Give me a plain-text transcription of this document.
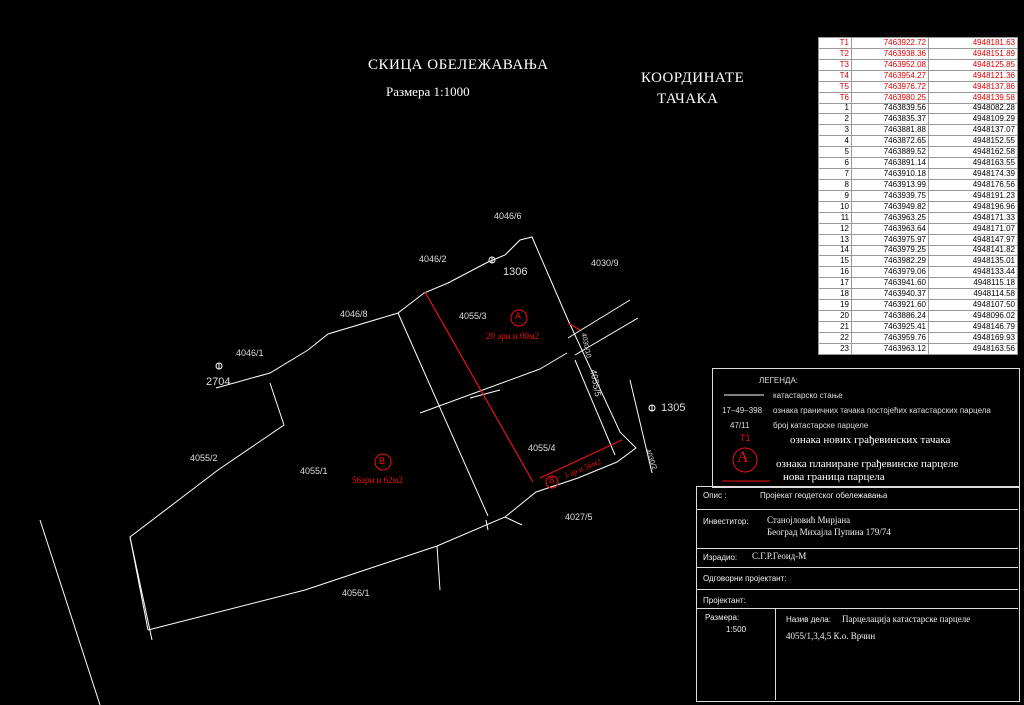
СКИЦА ОБЕЛЕЖАВАЊА
Размера 1:1000
КООРДИНАТЕ
ТАЧАКА
T1	7463922.72	4948181.63
T2	7463938.36	4948151.89
T3	7463952.08	4948125.85
T4	7463954.27	4948121.36
T5	7463976.72	4948137.86
T6	7463980.25	4948139.58
1	7463839.56	4948082.28
2	7463835.37	4948109.29
3	7463881.88	4948137.07
4	7463872.65	4948152.55
5	7463889.52	4948162.58
6	7463891.14	4948163.55
7	7463910.18	4948174.39
8	7463913.99	4948176.56
9	7463939.75	4948191.23
10	7463949.82	4948196.96
11	7463963.25	4948171.33
12	7463963.64	4948171.07
13	7463975.97	4948147.97
14	7463979.25	4948141.82
15	7463982.29	4948135.01
16	7463979.06	4948133.44
17	7463941.60	4948115.18
18	7463940.37	4948114.58
19	7463921.60	4948107.50
20	7463886.24	4948096.02
21	7463925.41	4948146.79
22	7463959.76	4948169.93
23	7463963.12	4948163.56
4046/6
4046/2	4030/9
4046/8	4055/3
4046/1
4055/2
4055/1
4055/4
4027/5
4056/1
4055/5
4030/10
4030/2
2704
1306
1305
A
20 ари и 00м2
B
56ари и 62м2	B
1 ар и 56м2
ЛЕГЕНДА:
катастарско стање
17–49–398 ознака граничних тачака постојећих катастарских парцела
47/11	број катастарске парцеле
T1	ознака нових грађевинских тачака
A ознака планиране грађевинске парцеле
нова граница парцела
Опис :	Пројекат геодетског обележавања
Инвеститор: Станојловић Мирјана
Београд Михајла Пупина 179/74
Израдио: С.Г.Р.Геоид-М
Одговорни пројектант:
Пројектант:
Размера:
1:500
Назив дела: Парцелација катастарске парцеле
4055/1,3,4,5 К.о. Врчин
